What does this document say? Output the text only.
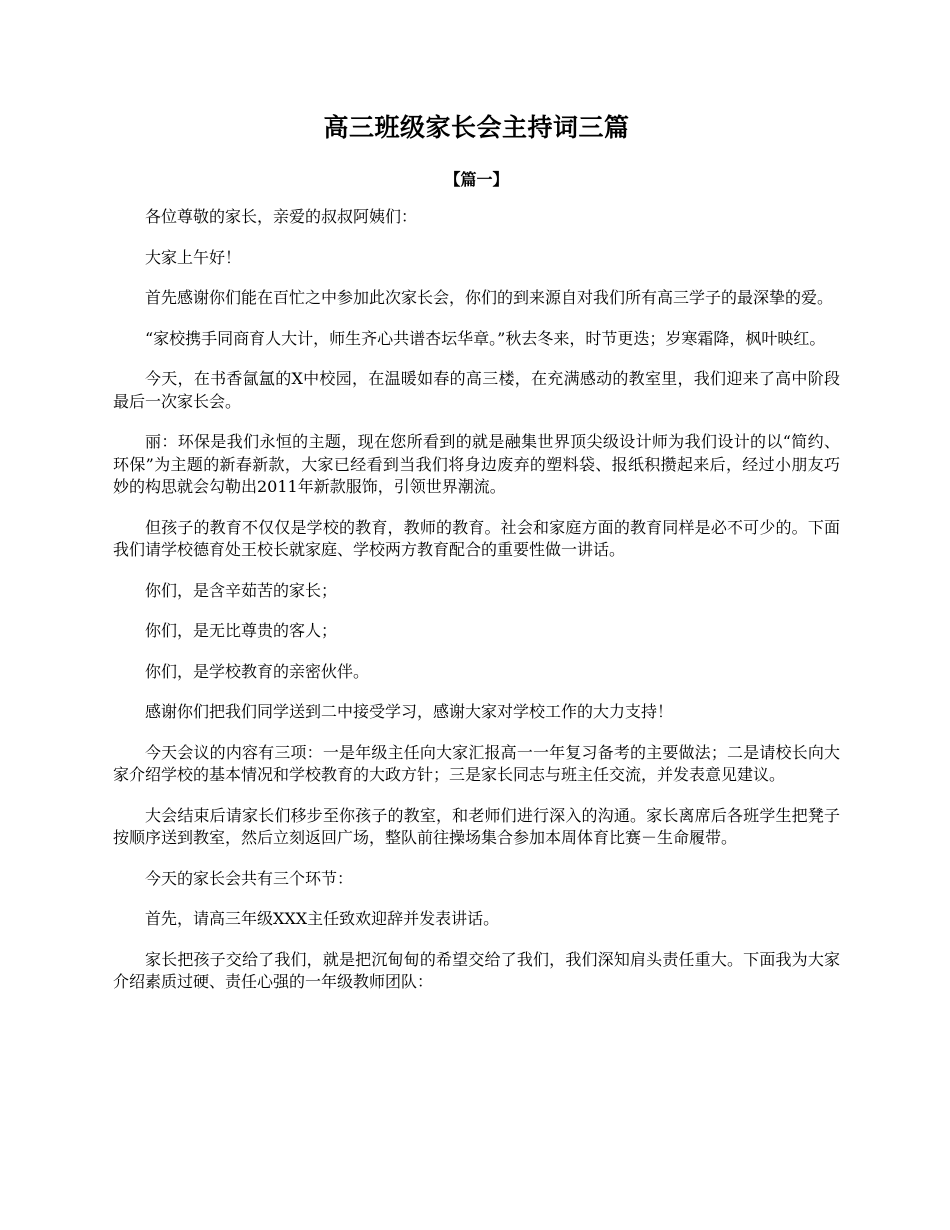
高三班级家长会主持词三篇
【篇一】

各位尊敬的家长，亲爱的叔叔阿姨们：

大家上午好！

首先感谢你们能在百忙之中参加此次家长会，你们的到来源自对我们所有高三学子的最深挚的爱。

“家校携手同商育人大计，师生齐心共谱杏坛华章。”秋去冬来，时节更迭；岁寒霜降，枫叶映红。

今天，在书香氤氲的X中校园，在温暖如春的高三楼，在充满感动的教室里，我们迎来了高中阶段最后一次家长会。

丽：环保是我们永恒的主题，现在您所看到的就是融集世界顶尖级设计师为我们设计的以“简约、环保”为主题的新春新款，大家已经看到当我们将身边废弃的塑料袋、报纸积攒起来后，经过小朋友巧妙的构思就会勾勒出2011年新款服饰，引领世界潮流。

但孩子的教育不仅仅是学校的教育，教师的教育。社会和家庭方面的教育同样是必不可少的。下面我们请学校德育处王校长就家庭、学校两方教育配合的重要性做一讲话。

你们，是含辛茹苦的家长；

你们，是无比尊贵的客人；

你们，是学校教育的亲密伙伴。

感谢你们把我们同学送到二中接受学习，感谢大家对学校工作的大力支持！

今天会议的内容有三项：一是年级主任向大家汇报高一一年复习备考的主要做法；二是请校长向大家介绍学校的基本情况和学校教育的大政方针；三是家长同志与班主任交流，并发表意见建议。

大会结束后请家长们移步至你孩子的教室，和老师们进行深入的沟通。家长离席后各班学生把凳子按顺序送到教室，然后立刻返回广场，整队前往操场集合参加本周体育比赛－生命履带。

今天的家长会共有三个环节：

首先，请高三年级XXX主任致欢迎辞并发表讲话。

家长把孩子交给了我们，就是把沉甸甸的希望交给了我们，我们深知肩头责任重大。下面我为大家介绍素质过硬、责任心强的一年级教师团队：
